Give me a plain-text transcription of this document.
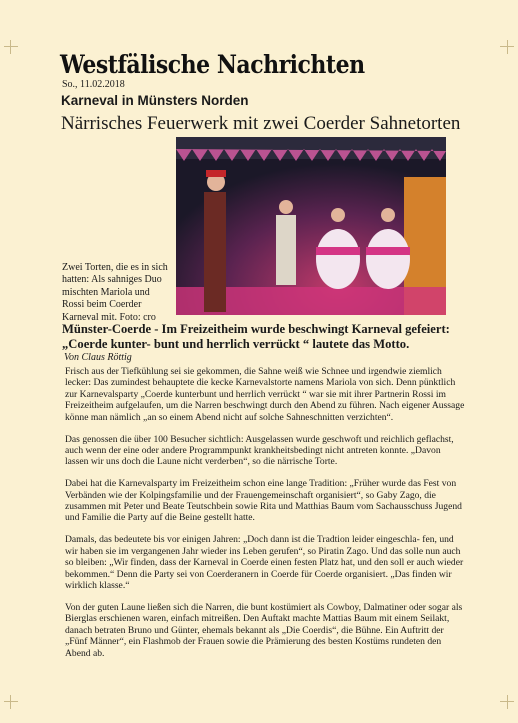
Westfälische Nachrichten
So., 11.02.2018
Karneval in Münsters Norden
Närrisches Feuerwerk mit zwei Coerder Sahnetorten
Zwei Torten, die es in sich hatten: Als sahniges Duo mischten Mariola und Rossi beim Coerder Karneval mit. Foto: cro
Münster-Coerde - Im Freizeitheim wurde beschwingt Karneval gefeiert: „Coerde kunter- bunt und herrlich verrückt “ lautete das Motto.
Von Claus Röttig

Frisch aus der Tiefkühlung sei sie gekommen, die Sahne weiß wie Schnee und irgendwie ziemlich lecker: Das zumindest behauptete die kecke Karnevalstorte namens Mariola von sich. Denn pünktlich zur Karnevalsparty „Coerde kunterbunt und herrlich verrückt “ war sie mit ihrer Partnerin Rossi im Freizeitheim aufgelaufen, um die Narren beschwingt durch den Abend zu führen. Nach eigener Aussage könne man nämlich „an so einem Abend nicht auf solche Sahneschnitten verzichten“.

Das genossen die über 100 Besucher sichtlich: Ausgelassen wurde geschwoft und reichlich geflachst, auch wenn der eine oder andere Programmpunkt krankheitsbedingt nicht antreten konnte. „Davon lassen wir uns doch die Laune nicht verderben“, so die närrische Torte.

Dabei hat die Karnevalsparty im Freizeitheim schon eine lange Tradition: „Früher wurde das Fest von Verbänden wie der Kolpingsfamilie und der Frauengemeinschaft organisiert“, so Gaby Zago, die zusammen mit Peter und Beate Teutschbein sowie Rita und Matthias Baum vom Sachausschuss Jugend und Familie die Party auf die Beine gestellt hatte.

Damals, das bedeutete bis vor einigen Jahren: „Doch dann ist die Tradtion leider eingeschla- fen, und wir haben sie im vergangenen Jahr wieder ins Leben gerufen“, so Piratin Zago. Und das solle nun auch so bleiben: „Wir finden, dass der Karneval in Coerde einen festen Platz hat, und den soll er auch wieder bekommen.“ Denn die Party sei von Coerderanern in Coerde für Coerde organisiert. „Das finden wir wirklich klasse.“

Von der guten Laune ließen sich die Narren, die bunt kostümiert als Cowboy, Dalmatiner oder sogar als Bierglas erschienen waren, einfach mitreißen. Den Auftakt machte Mattias Baum mit einem Seilakt, danach betraten Bruno und Günter, ehemals bekannt als „Die Coerdis“, die Bühne. Ein Auftritt der „Fünf Männer“, ein Flashmob der Frauen sowie die Prämierung des besten Kostüms rundeten den Abend ab.
